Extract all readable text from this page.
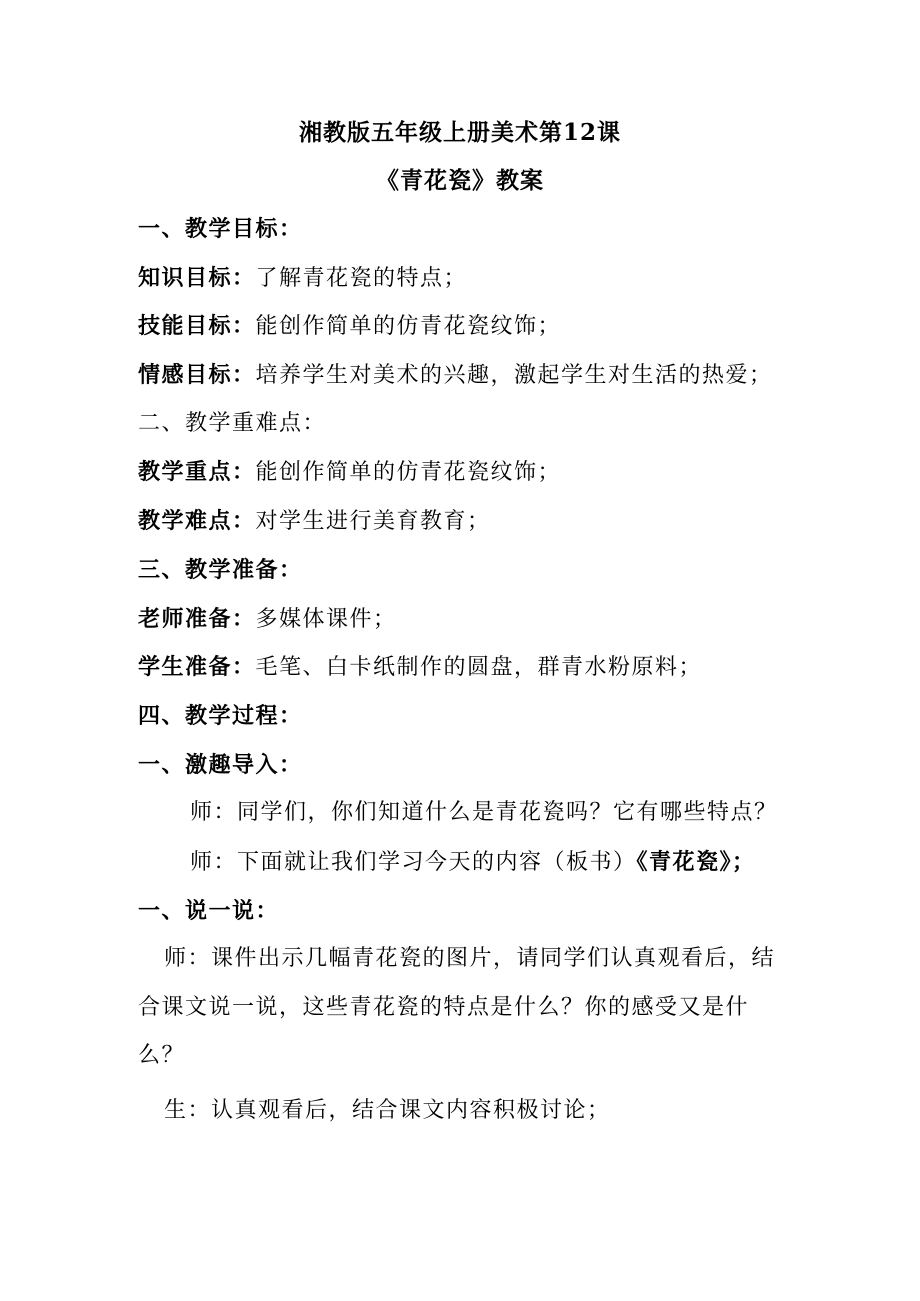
湘教版五年级上册美术第12课
《青花瓷》教案
一、教学目标：
知识目标：了解青花瓷的特点；
技能目标：能创作简单的仿青花瓷纹饰；
情感目标：培养学生对美术的兴趣，激起学生对生活的热爱；
二、教学重难点：
教学重点：能创作简单的仿青花瓷纹饰；
教学难点：对学生进行美育教育；
三、教学准备：
老师准备：多媒体课件；
学生准备：毛笔、白卡纸制作的圆盘，群青水粉原料；
四、教学过程：
一、激趣导入：
师：同学们，你们知道什么是青花瓷吗？它有哪些特点？
师：下面就让我们学习今天的内容（板书）《青花瓷》；
一、说一说：
师：课件出示几幅青花瓷的图片，请同学们认真观看后，结
合课文说一说，这些青花瓷的特点是什么？你的感受又是什
么？
生：认真观看后，结合课文内容积极讨论；
